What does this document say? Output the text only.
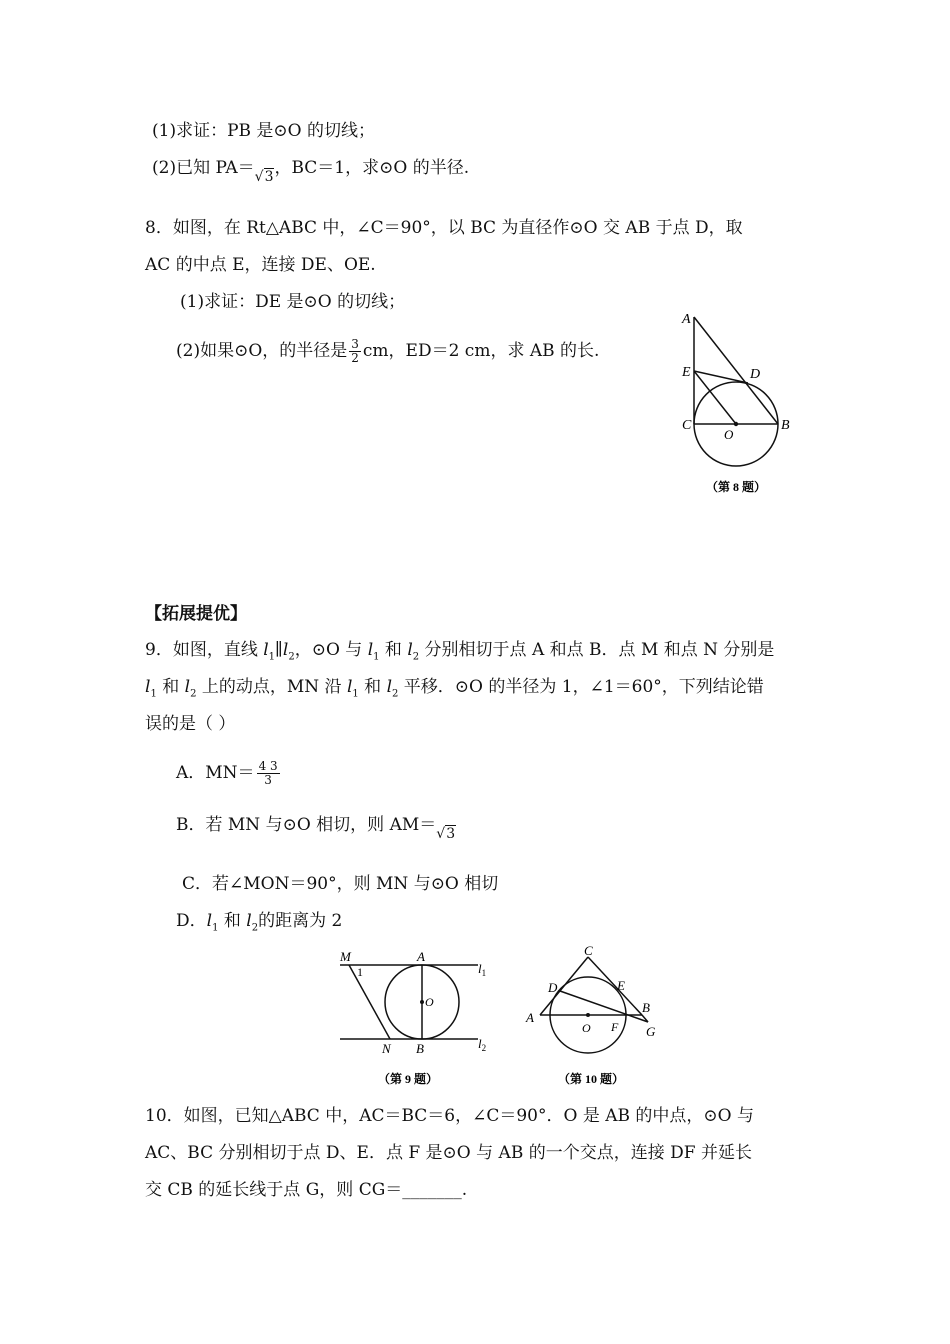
(1)求证：PB 是⊙O 的切线；
(2)已知 PA＝√3，BC＝1，求⊙O 的半径.
8．如图，在 Rt△ABC 中，∠C＝90°，以 BC 为直径作⊙O 交 AB 于点 D，取
AC 的中点 E，连接 DE、OE.
(1)求证：DE 是⊙O 的切线；
(2)如果⊙O，的半径是 $\frac{3}{2}$ cm，ED＝2 cm，求 AB 的长.
A
E	D
C
O
B
（第 8 题）
【拓展提优】
9．如图，直线 $l_1\parallel l_2$，⊙O 与 $l_1$ 和 $l_2$ 分别相切于点 A 和点 B．点 M 和点 N 分别是
$l_1$ 和 $l_2$ 上的动点，MN 沿 $l_1$ 和 $l_2$ 平移．⊙O 的半径为 1，∠1＝60°，下列结论错
误的是（ ）
A．$MN= \frac{4 3}{3}$
B．若 MN 与⊙O 相切，则 AM＝√3
C．若∠MON＝90°，则 MN 与⊙O 相切
D．$l_1$ 和 $l_2$的距离为 2
M
1
A
O
N B
$l_1$
$l_2$
（第 9 题）
C
D	E
A
O F
B
G
（第 10 题）
10．如图，已知△ABC 中，AC＝BC＝6，∠C＝90°．O 是 AB 的中点，⊙O 与
AC、BC 分别相切于点 D、E．点 F 是⊙O 与 AB 的一个交点，连接 DF 并延长
交 CB 的延长线于点 G，则 CG＝_______.
